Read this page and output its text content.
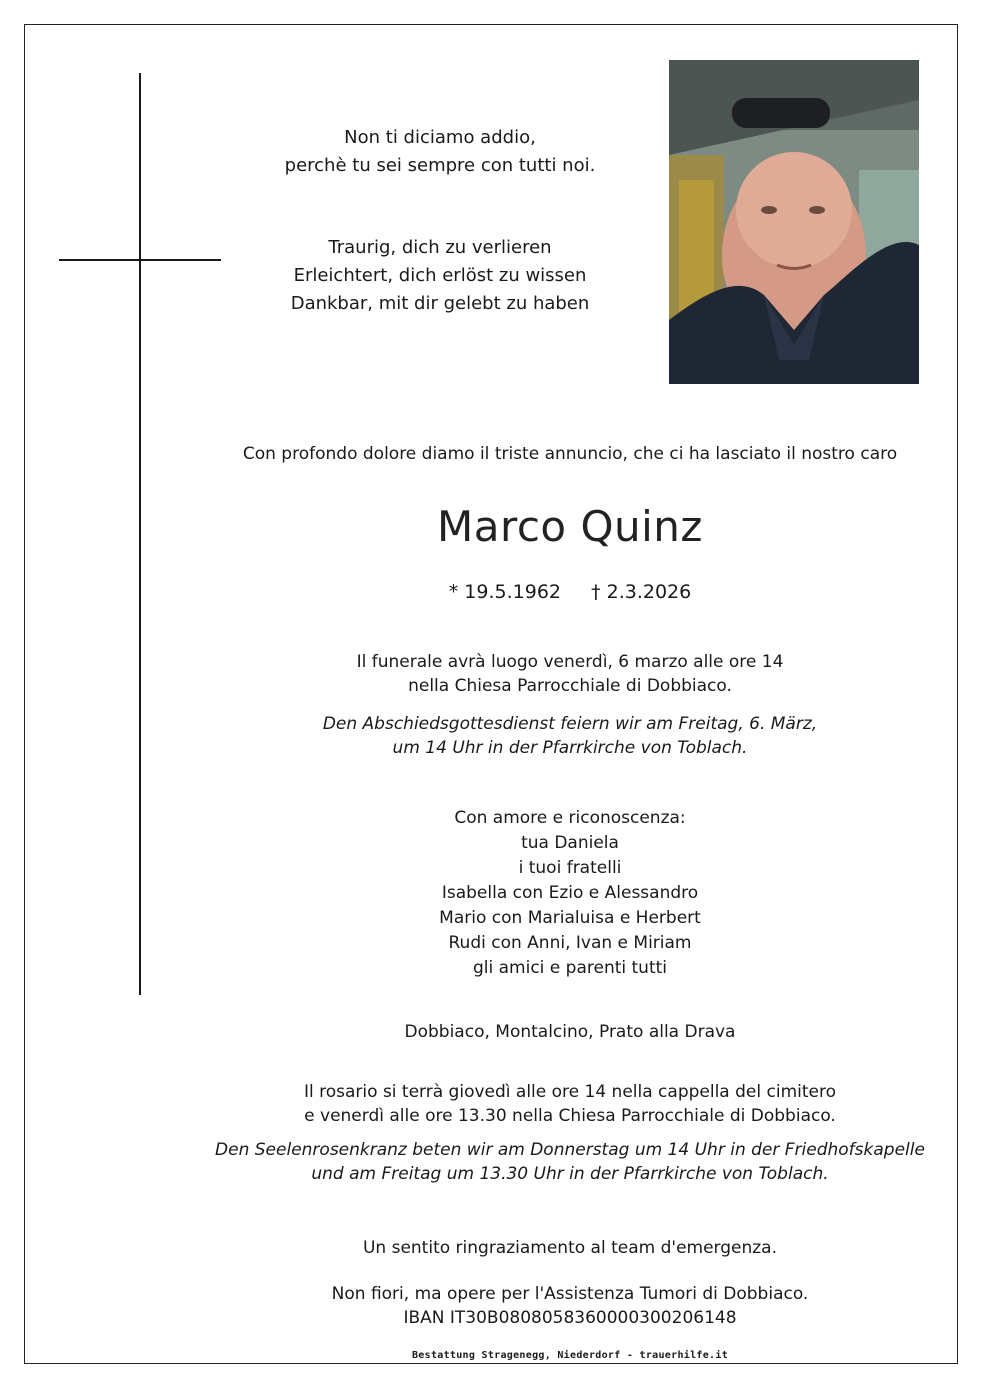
Non ti diciamo addio,
perchè tu sei sempre con tutti noi.
Traurig, dich zu verlieren
Erleichtert, dich erlöst zu wissen
Dankbar, mit dir gelebt zu haben
Con profondo dolore diamo il triste annuncio, che ci ha lasciato il nostro caro
Marco Quinz
* 19.5.1962 † 2.3.2026
Il funerale avrà luogo venerdì, 6 marzo alle ore 14
nella Chiesa Parrocchiale di Dobbiaco.
Den Abschiedsgottesdienst feiern wir am Freitag, 6. März,
um 14 Uhr in der Pfarrkirche von Toblach.
Con amore e riconoscenza:
tua Daniela
i tuoi fratelli
Isabella con Ezio e Alessandro
Mario con Marialuisa e Herbert
Rudi con Anni, Ivan e Miriam
gli amici e parenti tutti
Dobbiaco, Montalcino, Prato alla Drava
Il rosario si terrà giovedì alle ore 14 nella cappella del cimitero
e venerdì alle ore 13.30 nella Chiesa Parrocchiale di Dobbiaco.
Den Seelenrosenkranz beten wir am Donnerstag um 14 Uhr in der Friedhofskapelle
und am Freitag um 13.30 Uhr in der Pfarrkirche von Toblach.
Un sentito ringraziamento al team d'emergenza.
Non fiori, ma opere per l'Assistenza Tumori di Dobbiaco.
IBAN IT30B0808058360000300206148
Bestattung Stragenegg, Niederdorf - trauerhilfe.it
